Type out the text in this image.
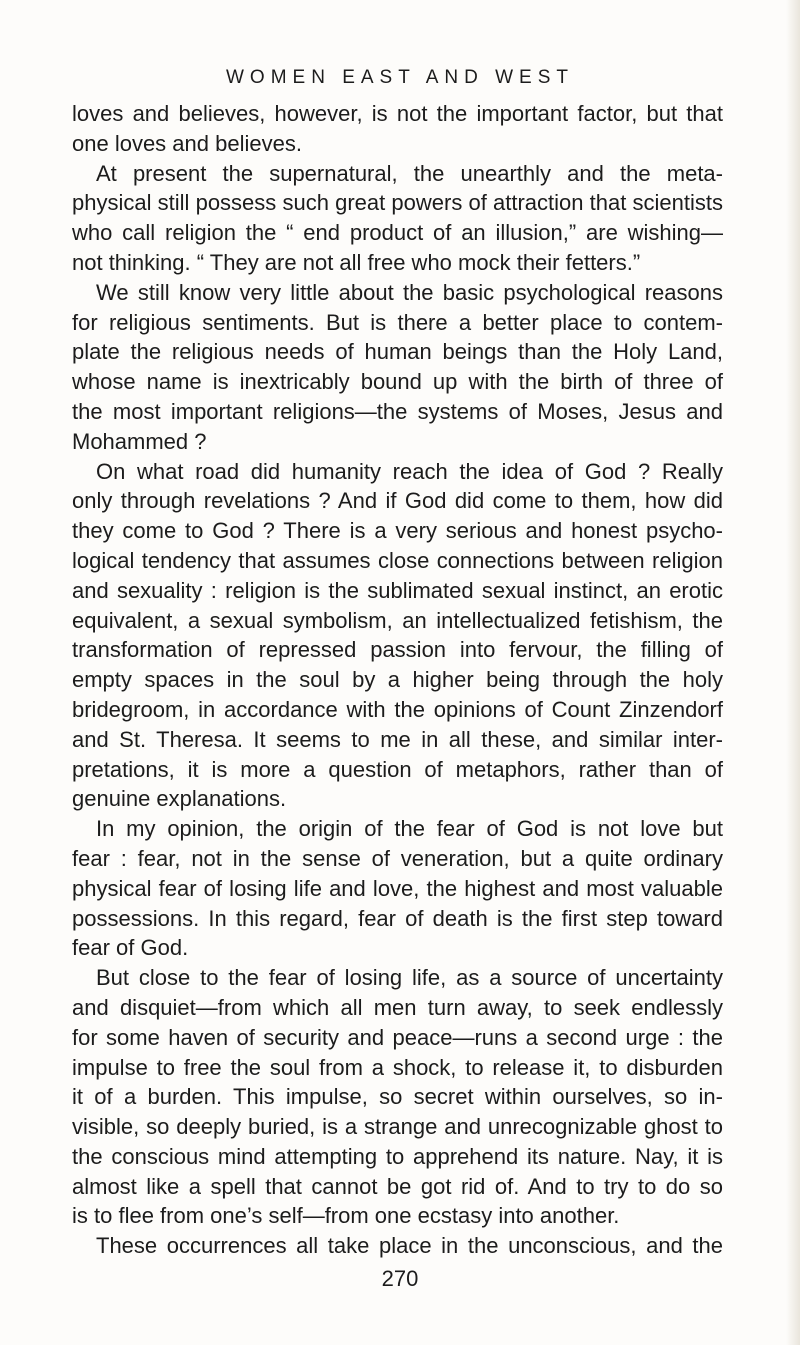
WOMEN EAST AND WEST
loves and believes, however, is not the important factor, but that
one loves and believes.
At present the supernatural, the unearthly and the meta-
physical still possess such great powers of attraction that scientists
who call religion the “ end product of an illusion,” are wishing—
not thinking. “ They are not all free who mock their fetters.”
We still know very little about the basic psychological reasons
for religious sentiments. But is there a better place to contem-
plate the religious needs of human beings than the Holy Land,
whose name is inextricably bound up with the birth of three of
the most important religions—the systems of Moses, Jesus and
Mohammed ?
On what road did humanity reach the idea of God ? Really
only through revelations ? And if God did come to them, how did
they come to God ? There is a very serious and honest psycho-
logical tendency that assumes close connections between religion
and sexuality : religion is the sublimated sexual instinct, an erotic
equivalent, a sexual symbolism, an intellectualized fetishism, the
transformation of repressed passion into fervour, the filling of
empty spaces in the soul by a higher being through the holy
bridegroom, in accordance with the opinions of Count Zinzendorf
and St. Theresa. It seems to me in all these, and similar inter-
pretations, it is more a question of metaphors, rather than of
genuine explanations.
In my opinion, the origin of the fear of God is not love but
fear : fear, not in the sense of veneration, but a quite ordinary
physical fear of losing life and love, the highest and most valuable
possessions. In this regard, fear of death is the first step toward
fear of God.
But close to the fear of losing life, as a source of uncertainty
and disquiet—from which all men turn away, to seek endlessly
for some haven of security and peace—runs a second urge : the
impulse to free the soul from a shock, to release it, to disburden
it of a burden. This impulse, so secret within ourselves, so in-
visible, so deeply buried, is a strange and unrecognizable ghost to
the conscious mind attempting to apprehend its nature. Nay, it is
almost like a spell that cannot be got rid of. And to try to do so
is to flee from one’s self—from one ecstasy into another.
These occurrences all take place in the unconscious, and the
270
